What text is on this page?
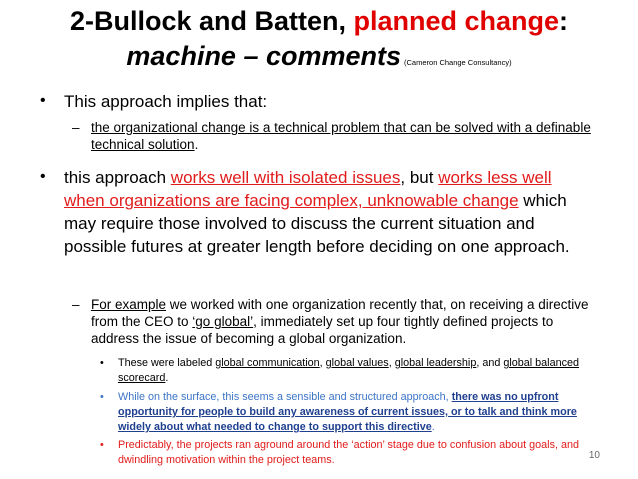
2-Bullock and Batten, planned change:
machine – comments (Cameron Change Consultancy)
• This approach implies that:
– the organizational change is a technical problem that can be solved with a definable technical solution.
• this approach works well with isolated issues, but works less well when organizations are facing complex, unknowable change which may require those involved to discuss the current situation and possible futures at greater length before deciding on one approach.
– For example we worked with one organization recently that, on receiving a directive from the CEO to ‘go global’, immediately set up four tightly defined projects to address the issue of becoming a global organization.
• These were labeled global communication, global values, global leadership, and global balanced scorecard.
• While on the surface, this seems a sensible and structured approach, there was no upfront opportunity for people to build any awareness of current issues, or to talk and think more widely about what needed to change to support this directive.
• Predictably, the projects ran aground around the ‘action’ stage due to confusion about goals, and dwindling motivation within the project teams.	10
